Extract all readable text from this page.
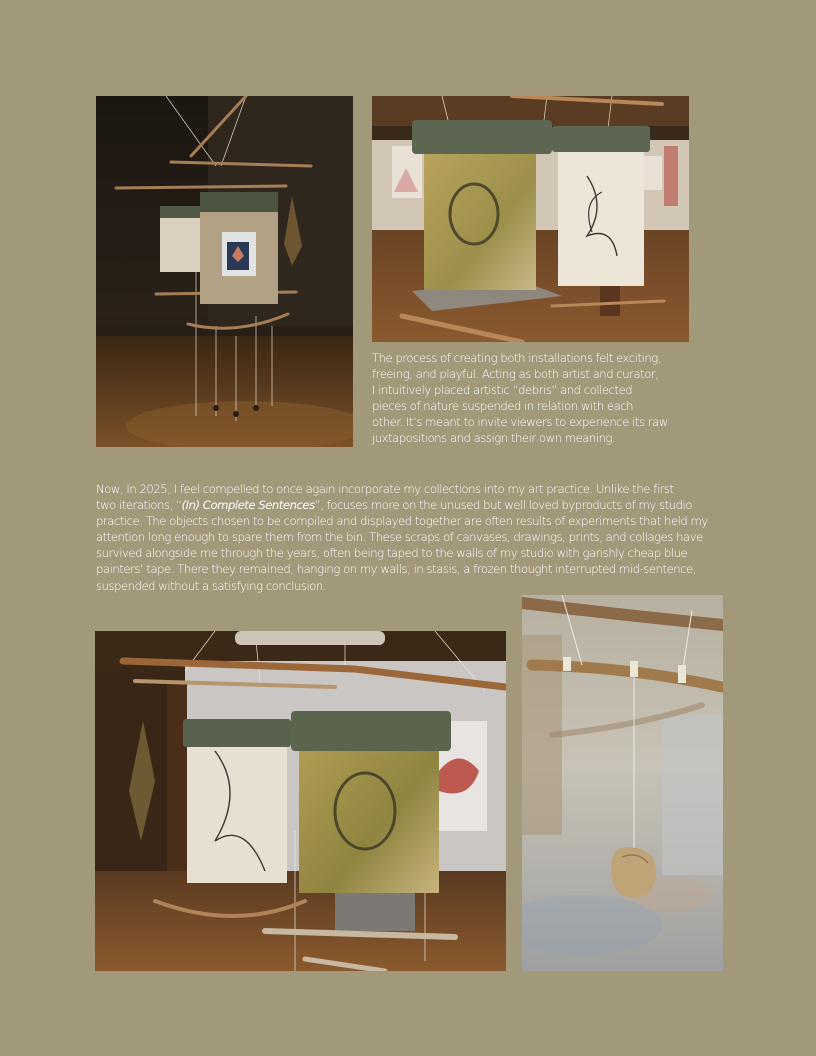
The process of creating both installations felt exciting,
freeing, and playful. Acting as both artist and curator,
I intuitively placed artistic “debris” and collected
pieces of nature suspended in relation with each
other. It’s meant to invite viewers to experience its raw
juxtapositions and assign their own meaning.
Now, In 2025, I feel compelled to once again incorporate my collections into my art practice. Unlike the first
two iterations, “(In) Complete Sentences”, focuses more on the unused but well loved byproducts of my studio
practice. The objects chosen to be compiled and displayed together are often results of experiments that held my
attention long enough to spare them from the bin. These scraps of canvases, drawings, prints, and collages have
survived alongside me through the years, often being taped to the walls of my studio with garishly cheap blue
painters’ tape. There they remained, hanging on my walls, in stasis, a frozen thought interrupted mid-sentence,
suspended without a satisfying conclusion.
